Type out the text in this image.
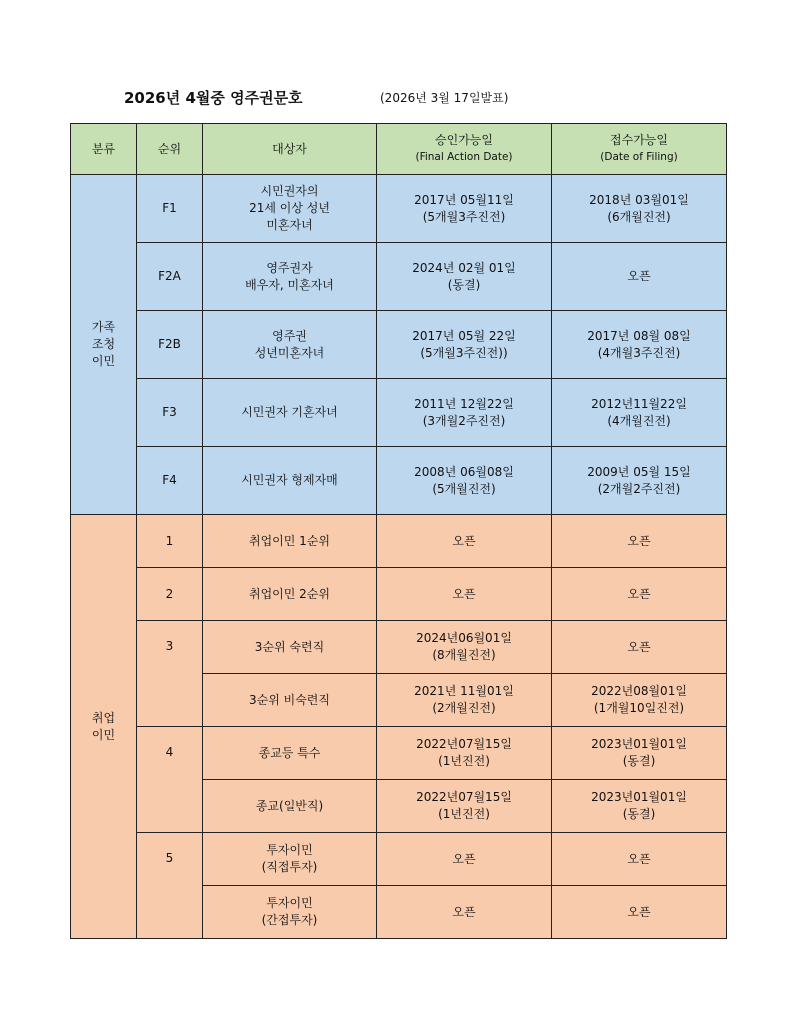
2026년 4월중 영주권문호	(2026년 3월 17일발표)
분류	순위	대상자	승인가능일
(Final Action Date)	접수가능일
(Date of Filing)

가족
조청
이민	F1	시민권자의
21세 이상 성년
미혼자녀	2017년 05월11일
(5개월3주진전)	2018년 03월01일
(6개월진전)

	F2A	영주권자
배우자, 미혼자녀	2024년 02월 01일
(동결)	오픈

	F2B	영주권
성년미혼자녀	2017년 05월 22일
(5개월3주진전))	2017년 08월 08일
(4개월3주진전)

	F3	시민권자 기혼자녀	2011년 12월22일
(3개월2주진전)	2012년11월22일
(4개월진전)

	F4	시민권자 형제자매	2008년 06월08일
(5개월진전)	2009년 05월 15일
(2개월2주진전)

취업
이민	1	취업이민 1순위	오픈	오픈

	2	취업이민 2순위	오픈	오픈

	3	3순위 숙련직	2024년06월01일
(8개월진전)	오픈

		3순위 비숙련직	2021년 11월01일
(2개월진전)	2022년08월01일
(1개월10일진전)

	4	종교등 특수	2022년07월15일
(1년진전)	2023년01월01일
(동결)

		종교(일반직)	2022년07월15일
(1년진전)	2023년01월01일
(동결)

	5	투자이민
(직접투자)	오픈	오픈

		투자이민
(간접투자)	오픈	오픈
